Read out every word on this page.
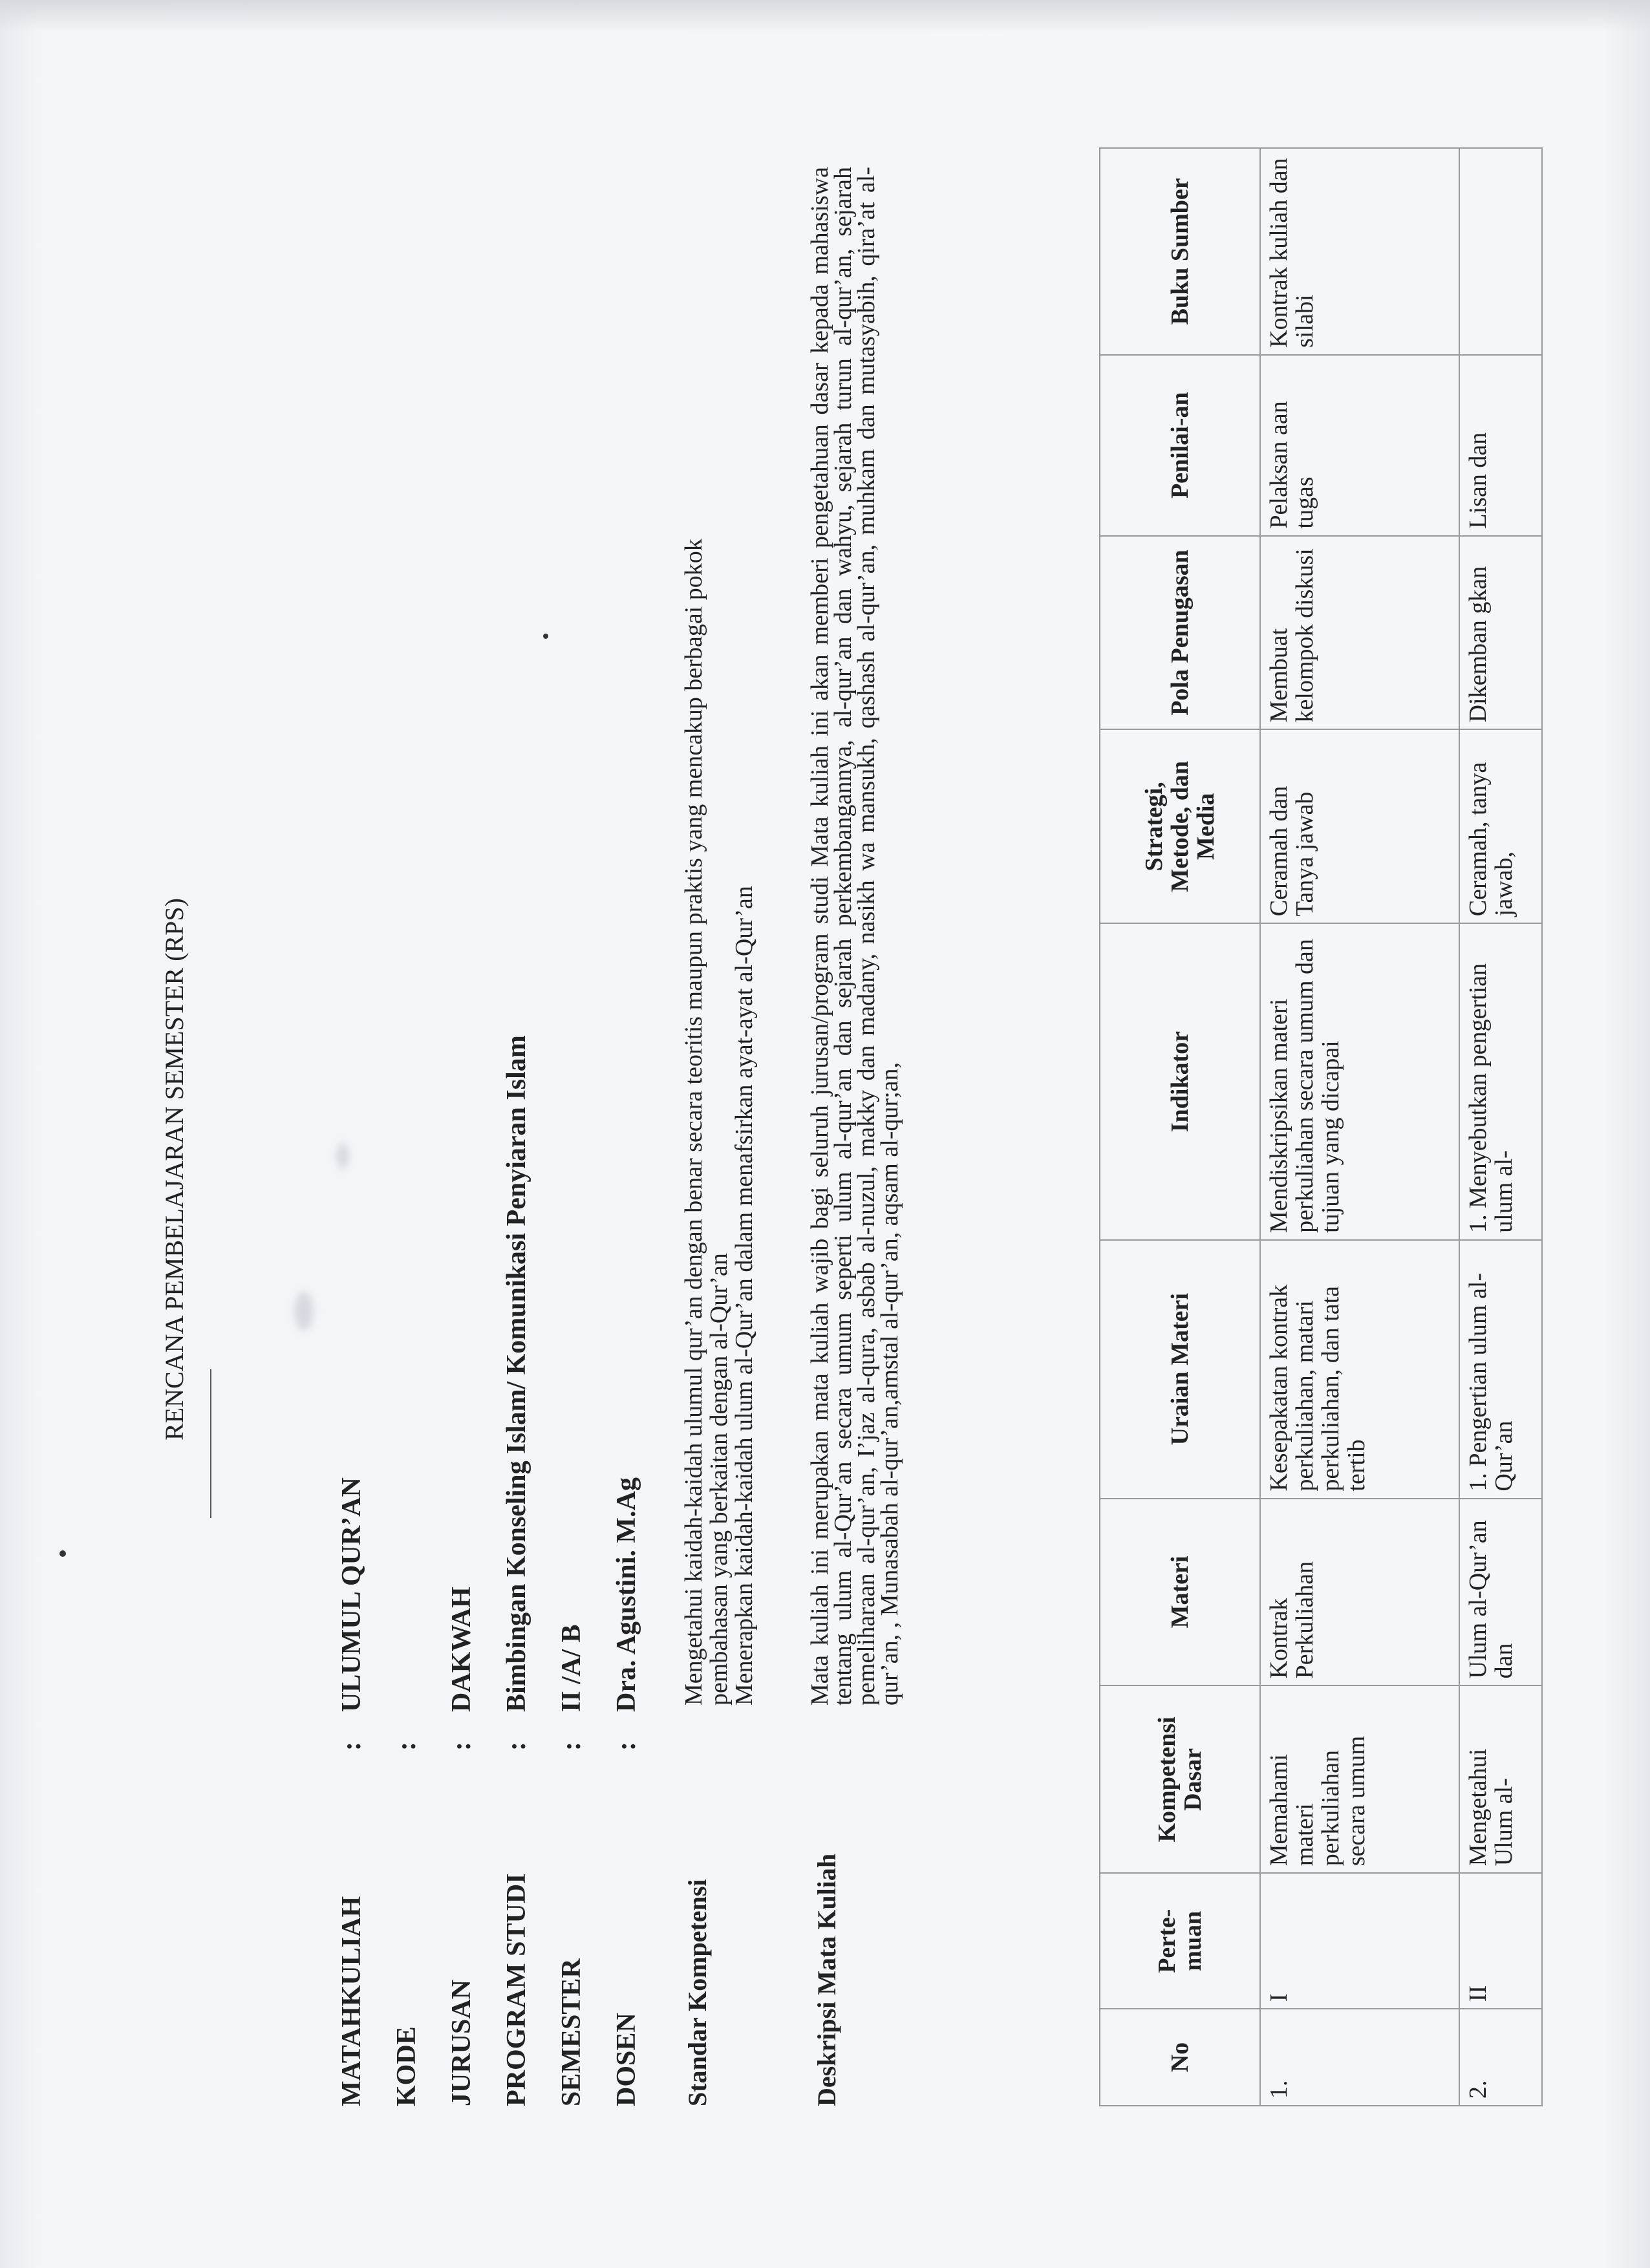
RENCANA PEMBELAJARAN SEMESTER (RPS)
MATAHKULIAH
:
ULUMUL QUR’AN
KODE
:
JURUSAN
:
DAKWAH
PROGRAM STUDI
:
Bimbingan Konseling Islam/ Komunikasi Penyiaran Islam
SEMESTER
:
II /A/ B
DOSEN
:
Dra. Agustini. M.Ag
Standar Kompetensi
Mengetahui kaidah-kaidah ulumul qur’an dengan benar secara teoritis maupun praktis yang mencakup berbagai pokok
pembahasan yang berkaitan dengan al-Qur’an
Menerapkan kaidah-kaidah ulum al-Qur’an dalam menafsirkan ayat-ayat al-Qur’an
Deskripsi Mata Kuliah
Mata kuliah ini merupakan mata kuliah wajib bagi seluruh jurusan/program studi Mata kuliah ini akan memberi pengetahuan dasar kepada mahasiswa tentang ulum al-Qur’an secara umum seperti ulum al-qur’an dan sejarah perkembangannya, al-qur’an dan wahyu, sejarah turun al-qur’an, sejarah pemeliharaan al-qur’an, I’jaz al-qura, asbab al-nuzul, makky dan madany, nasikh wa mansukh, qashash al-qur’an, muhkam dan mutasyabih, qira’at al-qur’an, , Munasabah al-qur’an,amstal al-qur’an, aqsam al-qur;an,
No	Perte-muan	Kompetensi Dasar	Materi	Uraian Materi	Indikator	Strategi, Metode, dan Media	Pola Penugasan	Penilai-an	Buku Sumber
1.	I	Memahami materi perkuliahan secara umum	Kontrak Perkuliahan	Kesepakatan kontrak perkuliahan, matari perkuliahan, dan tata tertib	Mendiskripsikan materi perkuliahan secara umum dan tujuan yang dicapai	Ceramah dan Tanya jawab	Membuat kelompok diskusi	Pelaksan aan tugas	Kontrak kuliah dan silabi
2.	II	Mengetahui Ulum al-	Ulum al-Qur’an dan	1. Pengertian ulum al-Qur’an	1. Menyebutkan pengertian ulum al-	Ceramah, tanya jawab,	Dikemban gkan	Lisan dan	
